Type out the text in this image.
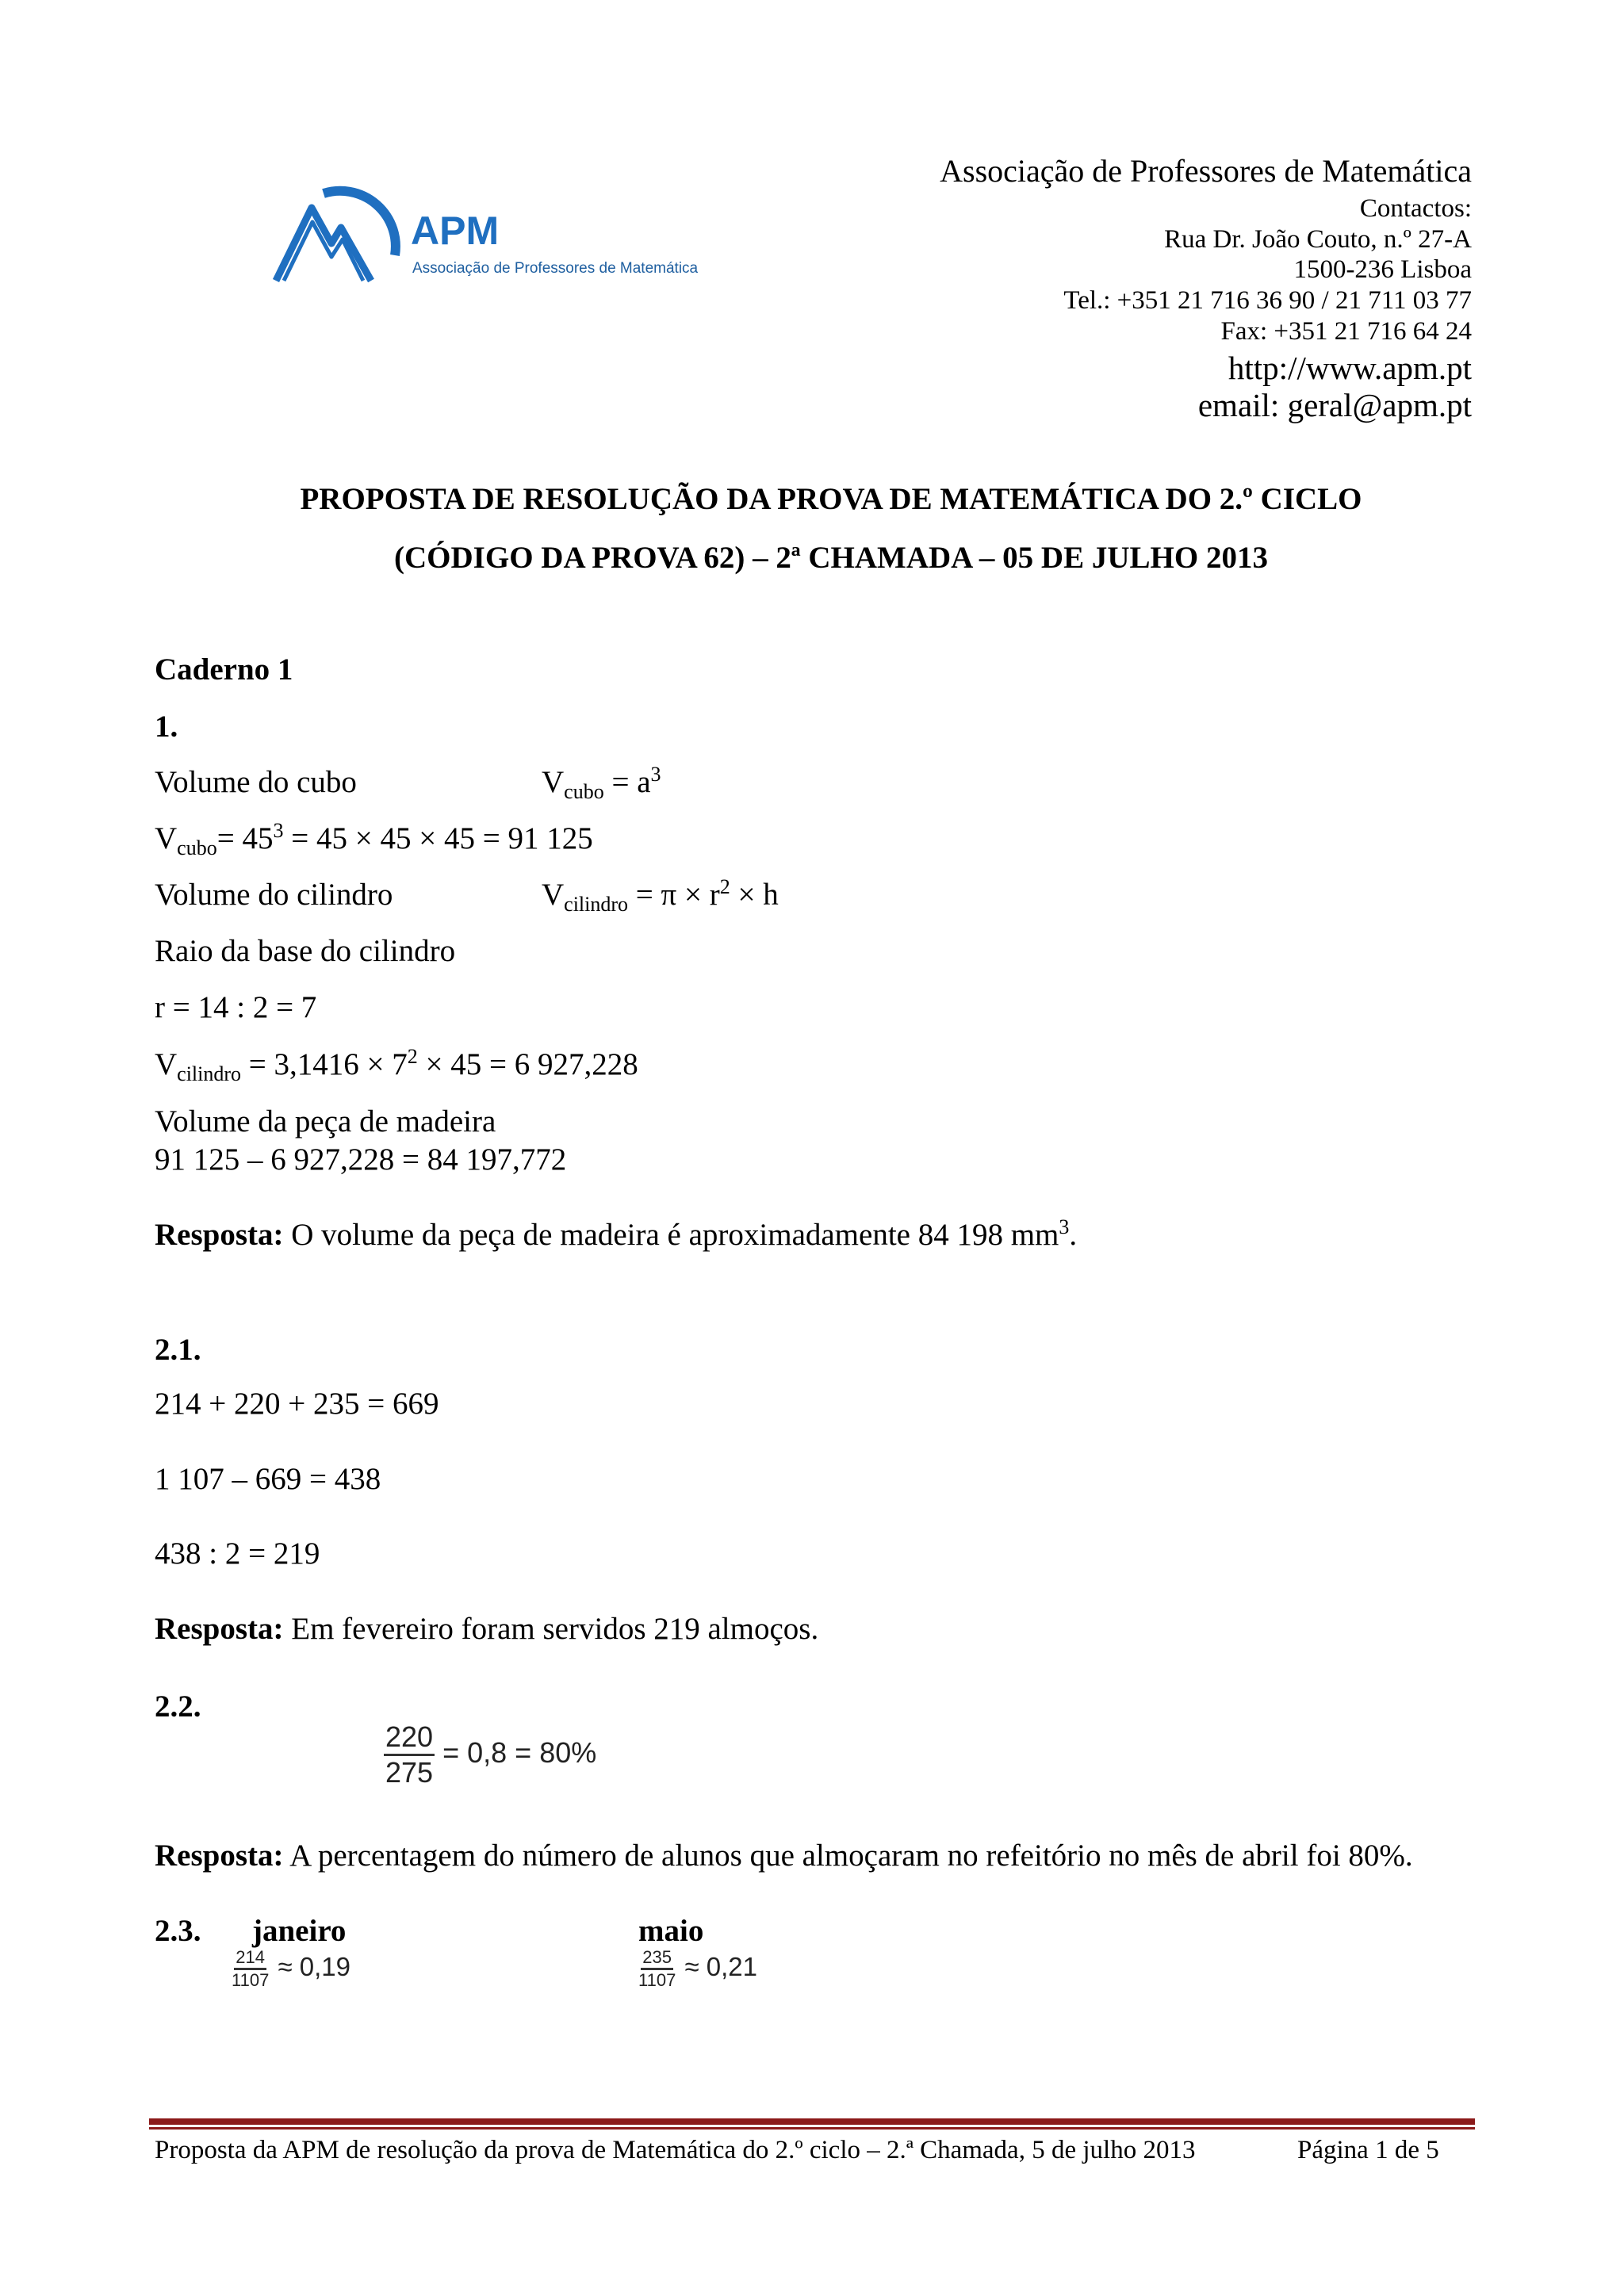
APM
Associação de Professores de Matemática
Associação de Professores de Matemática
Contactos:
Rua Dr. João Couto, n.º 27-A
1500-236 Lisboa
Tel.: +351 21 716 36 90 / 21 711 03 77
Fax: +351 21 716 64 24
http://www.apm.pt
email: geral@apm.pt
PROPOSTA DE RESOLUÇÃO DA PROVA DE MATEMÁTICA DO 2.º CICLO
(CÓDIGO DA PROVA 62) – 2ª CHAMADA – 05 DE JULHO 2013
Caderno 1
1.
Volume do cubo	$V_{cubo} = a^3$
$V_{cubo}= 45^3 = 45 \times 45 \times 45 = 91$ 125
Volume do cilindro	$V_{cilindro} = \pi \times r^2 \times h$
Raio da base do cilindro
r = 14 : 2 = 7
$V_{cilindro} = 3,1416 \times 7^2 \times 45 = 6$ 927,228
Volume da peça de madeira
91 125 – 6 927,228 = 84 197,772
Resposta: O volume da peça de madeira é aproximadamente 84 198 $mm^3$.
2.1.
214 + 220 + 235 = 669
1 107 – 669 = 438
438 : 2 = 219
Resposta: Em fevereiro foram servidos 219 almoços.
2.2.
$\frac{220}{275} = 0,8 = 80\%$
Resposta: A percentagem do número de alunos que almoçaram no refeitório no mês de abril foi 80%.
2.3. janeiro	maio
$\frac{214}{1107} \approx 0,19$	$\frac{235}{1107} \approx 0,21$
Proposta da APM de resolução da prova de Matemática do 2.º ciclo – 2.ª Chamada, 5 de julho 2013	Página 1 de 5
